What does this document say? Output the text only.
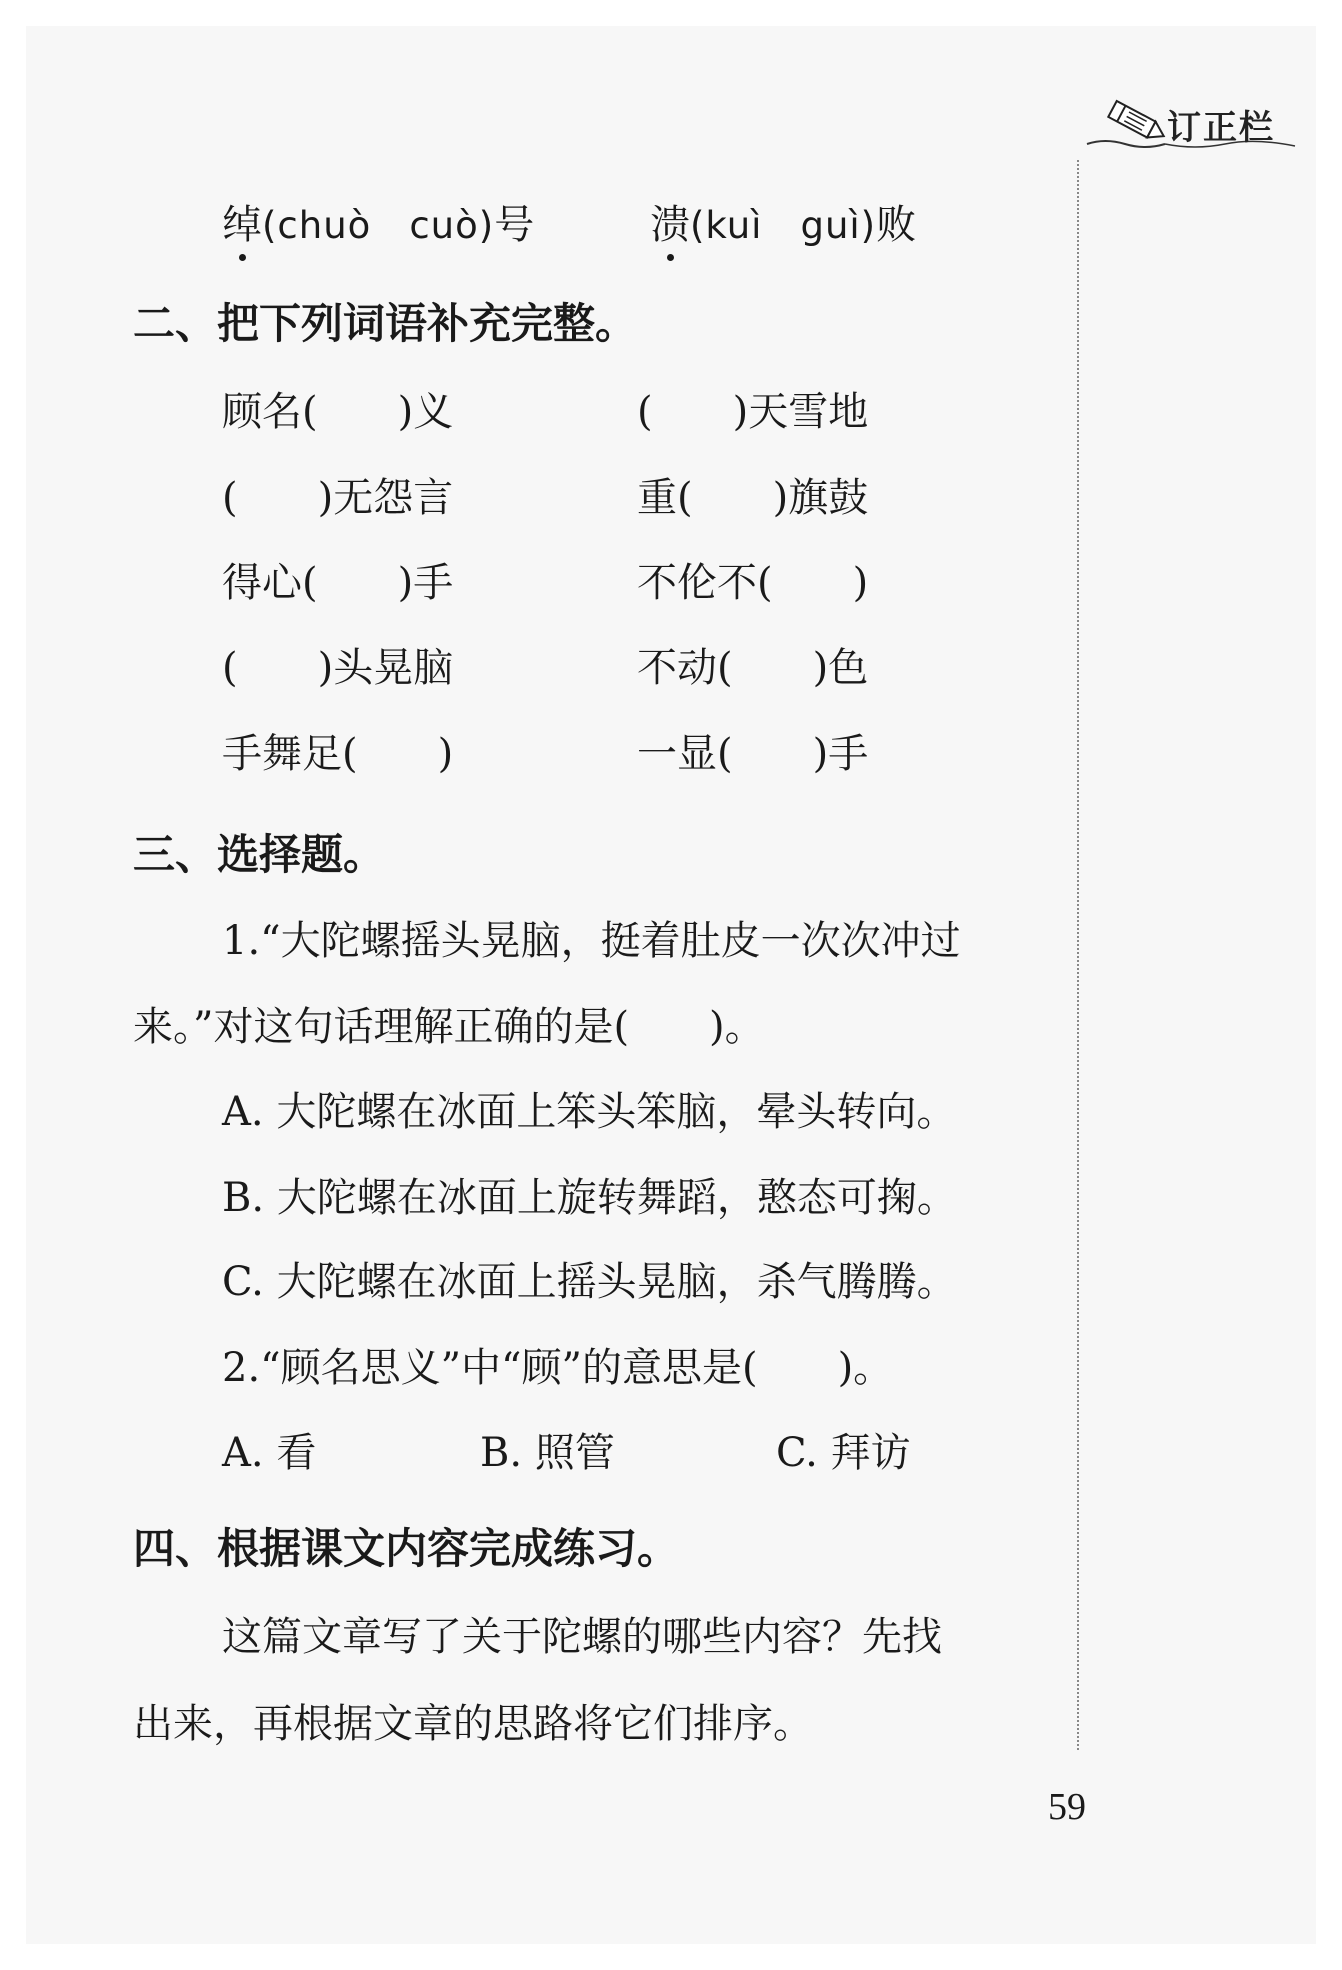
订正栏
绰(chuò　cuò)号	溃(kuì　guì)败
二、把下列词语补充完整。
顾名(　　)义	(　　)天雪地
(　　)无怨言	重(　　)旗鼓
得心(　　)手	不伦不(　　)
(　　)头晃脑	不动(　　)色
手舞足(　　)	一显(　　)手
三、选择题。
1.“大陀螺摇头晃脑，挺着肚皮一次次冲过
来。”对这句话理解正确的是(　　)。
A. 大陀螺在冰面上笨头笨脑，晕头转向。
B. 大陀螺在冰面上旋转舞蹈，憨态可掬。
C. 大陀螺在冰面上摇头晃脑，杀气腾腾。
2.“顾名思义”中“顾”的意思是(　　)。
A. 看	B. 照管	C. 拜访
四、根据课文内容完成练习。
这篇文章写了关于陀螺的哪些内容？先找
出来，再根据文章的思路将它们排序。
59
